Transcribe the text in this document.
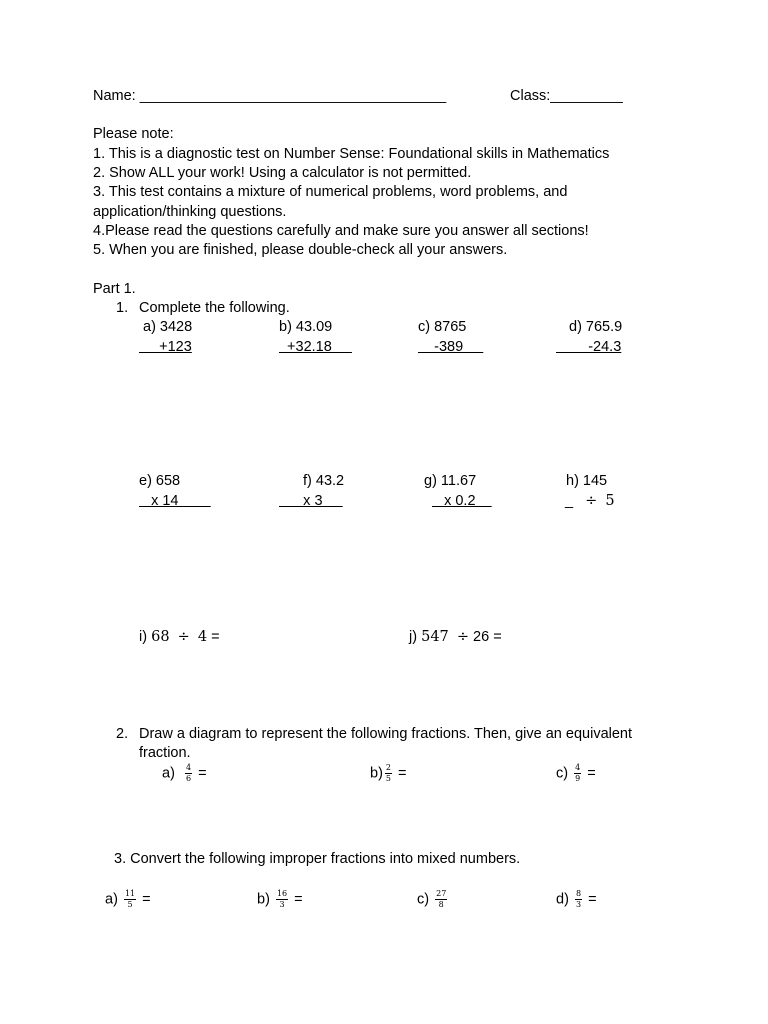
Name: ______________________________________	Class:_________
Please note:
1. This is a diagnostic test on Number Sense: Foundational skills in Mathematics
2. Show ALL your work! Using a calculator is not permitted.
3. This test contains a mixture of numerical problems, word problems, and
application/thinking questions.
4.Please read the questions carefully and make sure you answer all sections!
5. When you are finished, please double-check all your answers.
Part 1.
1. Complete the following.
a) 3428
+123
b) 43.09
+32.18
c) 8765
-389
d) 765.9
-24.3
e) 658
x 14
f) 43.2
x 3
g) 11.67
x 0.2
h) 145
_ ÷ 5
i) 68 ÷ 4 =	j) 547 ÷ 26 =
2. Draw a diagram to represent the following fractions. Then, give an equivalent
fraction.
$a) \frac{4}{6}$ =	$b) \frac{2}{5}$ =	$c) \frac{4}{9}$ =
3. Convert the following improper fractions into mixed numbers.
$a) \frac{11}{5}$ =	$b) \frac{16}{3}$ =	$c) \frac{27}{8}$	$d) \frac{8}{3}$ =
